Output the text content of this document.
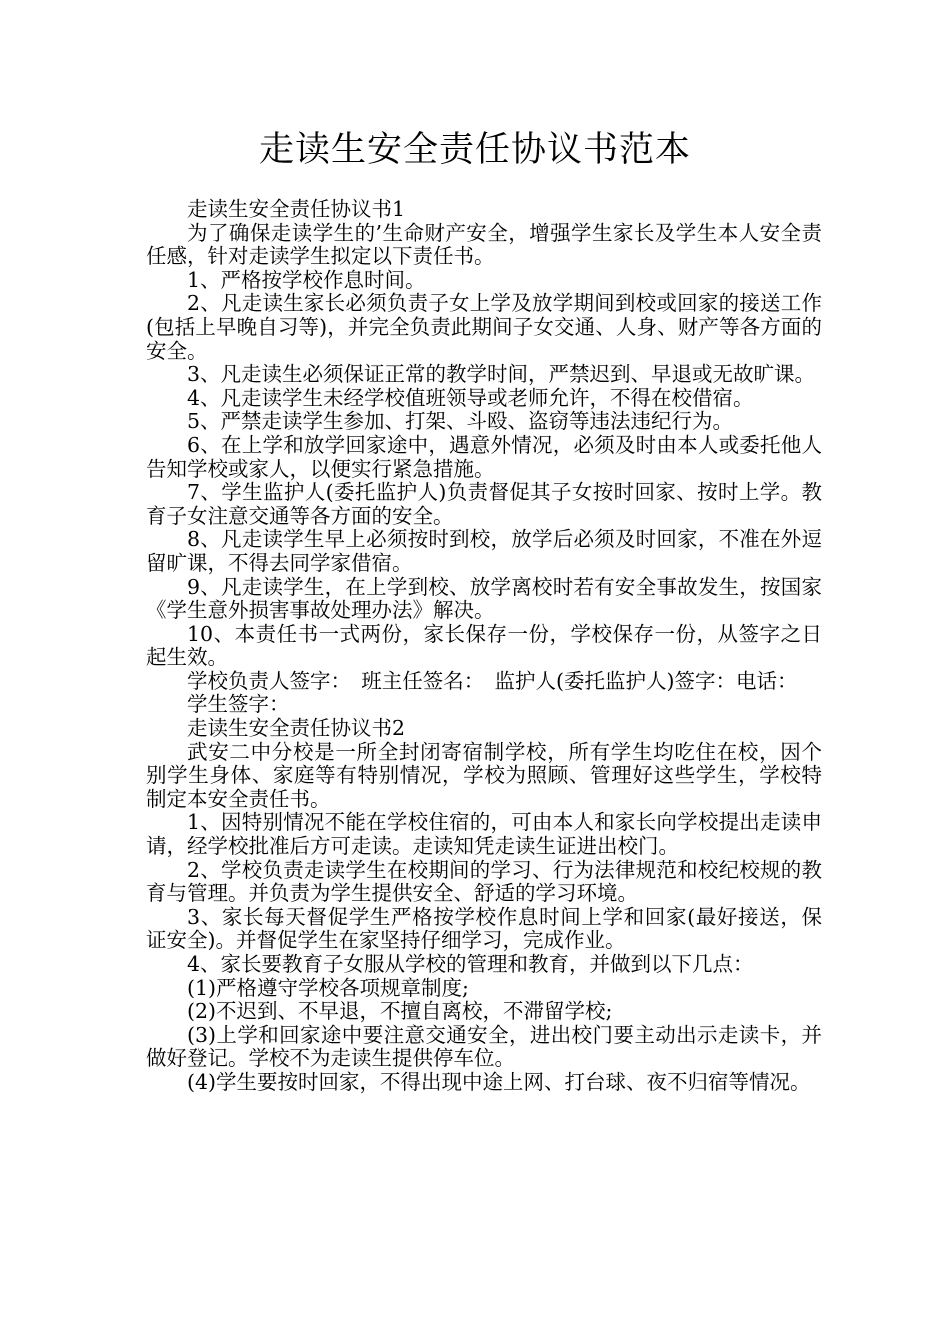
走读生安全责任协议书范本

走读生安全责任协议书1

为了确保走读学生的’生命财产安全，增强学生家长及学生本人安全责任感，针对走读学生拟定以下责任书。

1、严格按学校作息时间。

2、凡走读生家长必须负责子女上学及放学期间到校或回家的接送工作(包括上早晚自习等)，并完全负责此期间子女交通、人身、财产等各方面的安全。

3、凡走读生必须保证正常的教学时间，严禁迟到、早退或无故旷课。

4、凡走读学生未经学校值班领导或老师允许，不得在校借宿。

5、严禁走读学生参加、打架、斗殴、盗窃等违法违纪行为。

6、在上学和放学回家途中，遇意外情况，必须及时由本人或委托他人告知学校或家人，以便实行紧急措施。

7、学生监护人(委托监护人)负责督促其子女按时回家、按时上学。教育子女注意交通等各方面的安全。

8、凡走读学生早上必须按时到校，放学后必须及时回家，不准在外逗留旷课，不得去同学家借宿。

9、凡走读学生，在上学到校、放学离校时若有安全事故发生，按国家《学生意外损害事故处理办法》解决。

10、本责任书一式两份，家长保存一份，学校保存一份，从签字之日起生效。

学校负责人签字：　班主任签名：　监护人(委托监护人)签字：电话：

学生签字：

走读生安全责任协议书2

武安二中分校是一所全封闭寄宿制学校，所有学生均吃住在校，因个别学生身体、家庭等有特别情况，学校为照顾、管理好这些学生，学校特制定本安全责任书。

1、因特别情况不能在学校住宿的，可由本人和家长向学校提出走读申请，经学校批准后方可走读。走读知凭走读生证进出校门。

2、学校负责走读学生在校期间的学习、行为法律规范和校纪校规的教育与管理。并负责为学生提供安全、舒适的学习环境。

3、家长每天督促学生严格按学校作息时间上学和回家(最好接送，保证安全)。并督促学生在家坚持仔细学习，完成作业。

4、家长要教育子女服从学校的管理和教育，并做到以下几点：

(1)严格遵守学校各项规章制度;

(2)不迟到、不早退，不擅自离校，不滞留学校;

(3)上学和回家途中要注意交通安全，进出校门要主动出示走读卡，并做好登记。学校不为走读生提供停车位。

(4)学生要按时回家，不得出现中途上网、打台球、夜不归宿等情况。
